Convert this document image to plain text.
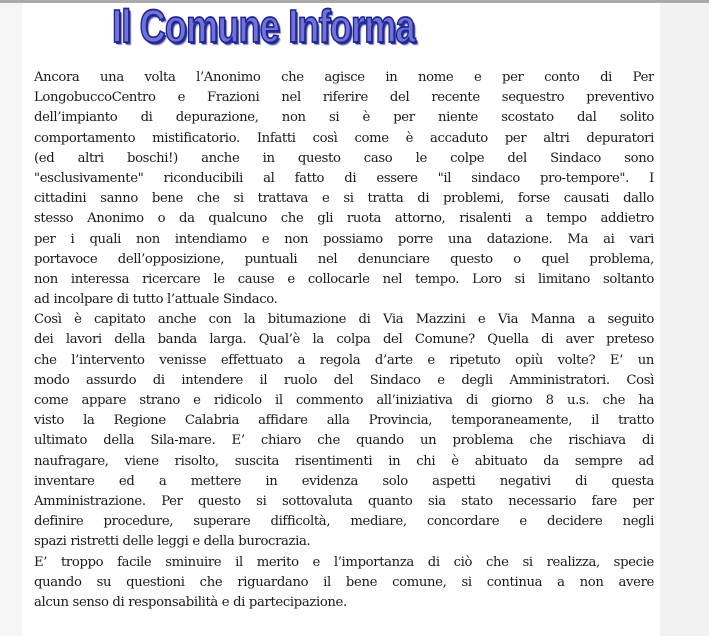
Il Comune Informa
Ancora una volta l’Anonimo che agisce in nome e per conto di Per
LongobuccoCentro e Frazioni nel riferire del recente sequestro preventivo
dell’impianto di depurazione, non si è per niente scostato dal solito
comportamento mistificatorio. Infatti così come è accaduto per altri depuratori
(ed altri boschi!) anche in questo caso le colpe del Sindaco sono
"esclusivamente" riconducibili al fatto di essere "il sindaco pro-tempore". I
cittadini sanno bene che si trattava e si tratta di problemi, forse causati dallo
stesso Anonimo o da qualcuno che gli ruota attorno, risalenti a tempo addietro
per i quali non intendiamo e non possiamo porre una datazione. Ma ai vari
portavoce dell’opposizione, puntuali nel denunciare questo o quel problema,
non interessa ricercare le cause e collocarle nel tempo. Loro si limitano soltanto
ad incolpare di tutto l’attuale Sindaco.
Così è capitato anche con la bitumazione di Via Mazzini e Via Manna a seguito
dei lavori della banda larga. Qual’è la colpa del Comune? Quella di aver preteso
che l’intervento venisse effettuato a regola d’arte e ripetuto opiù volte? E’ un
modo assurdo di intendere il ruolo del Sindaco e degli Amministratori. Così
come appare strano e ridicolo il commento all’iniziativa di giorno 8 u.s. che ha
visto la Regione Calabria affidare alla Provincia, temporaneamente, il tratto
ultimato della Sila-mare. E’ chiaro che quando un problema che rischiava di
naufragare, viene risolto, suscita risentimenti in chi è abituato da sempre ad
inventare ed a mettere in evidenza solo aspetti negativi di questa
Amministrazione. Per questo si sottovaluta quanto sia stato necessario fare per
definire procedure, superare difficoltà, mediare, concordare e decidere negli
spazi ristretti delle leggi e della burocrazia.
E’ troppo facile sminuire il merito e l’importanza di ciò che si realizza, specie
quando su questioni che riguardano il bene comune, si continua a non avere
alcun senso di responsabilità e di partecipazione.
